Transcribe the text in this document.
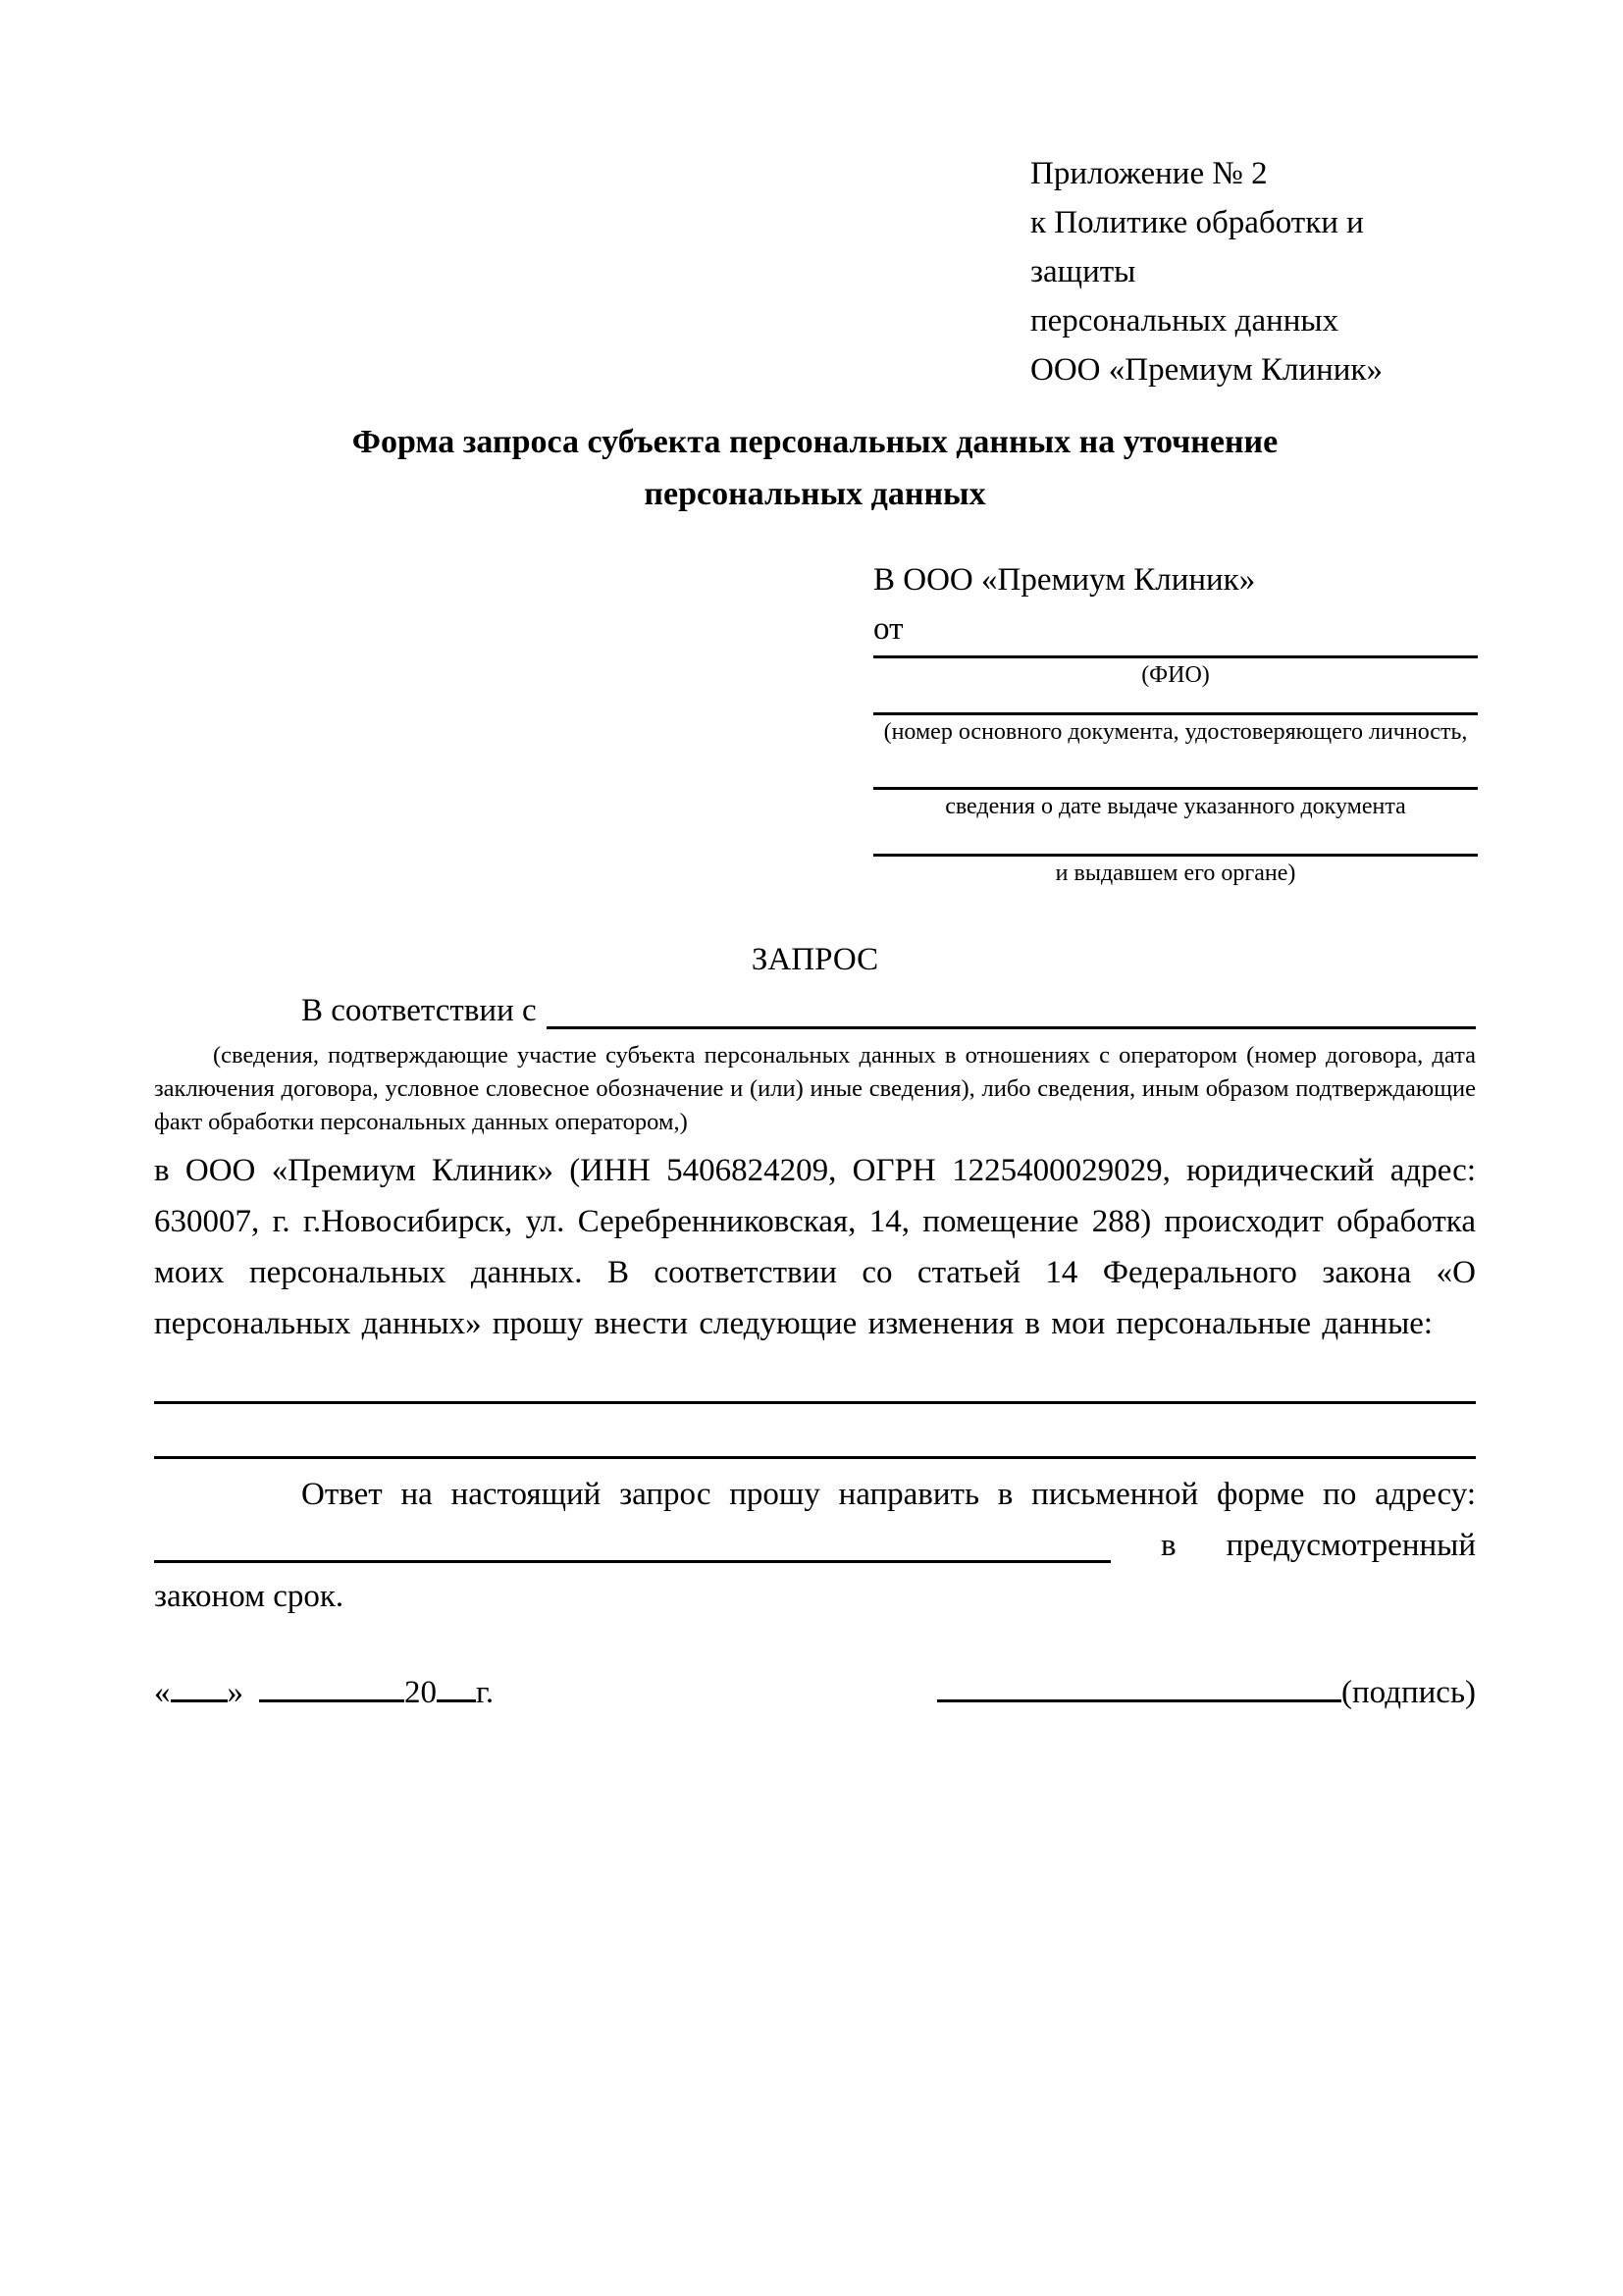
Приложение № 2
к Политике обработки и защиты
персональных данных
ООО «Премиум Клиник»
Форма запроса субъекта персональных данных на уточнение
персональных данных
В ООО «Премиум Клиник»
от
(ФИО)
(номер основного документа, удостоверяющего личность,
сведения о дате выдаче указанного документа
и выдавшем его органе)
ЗАПРОС
В соответствии с
(сведения, подтверждающие участие субъекта персональных данных в отношениях с оператором (номер договора, дата заключения договора, условное словесное обозначение и (или) иные сведения), либо сведения, иным образом подтверждающие факт обработки персональных данных оператором,)
в ООО «Премиум Клиник» (ИНН 5406824209, ОГРН 1225400029029, юридический адрес: 630007, г. г.Новосибирск, ул. Серебренниковская, 14, помещение 288) происходит обработка моих персональных данных. В соответствии со статьей 14 Федерального закона «О персональных данных» прошу внести следующие изменения в мои персональные данные:
Ответ на настоящий запрос прошу направить в письменной форме по адресу:
в предусмотренный
законом срок.
« »	20 г.	(подпись)
